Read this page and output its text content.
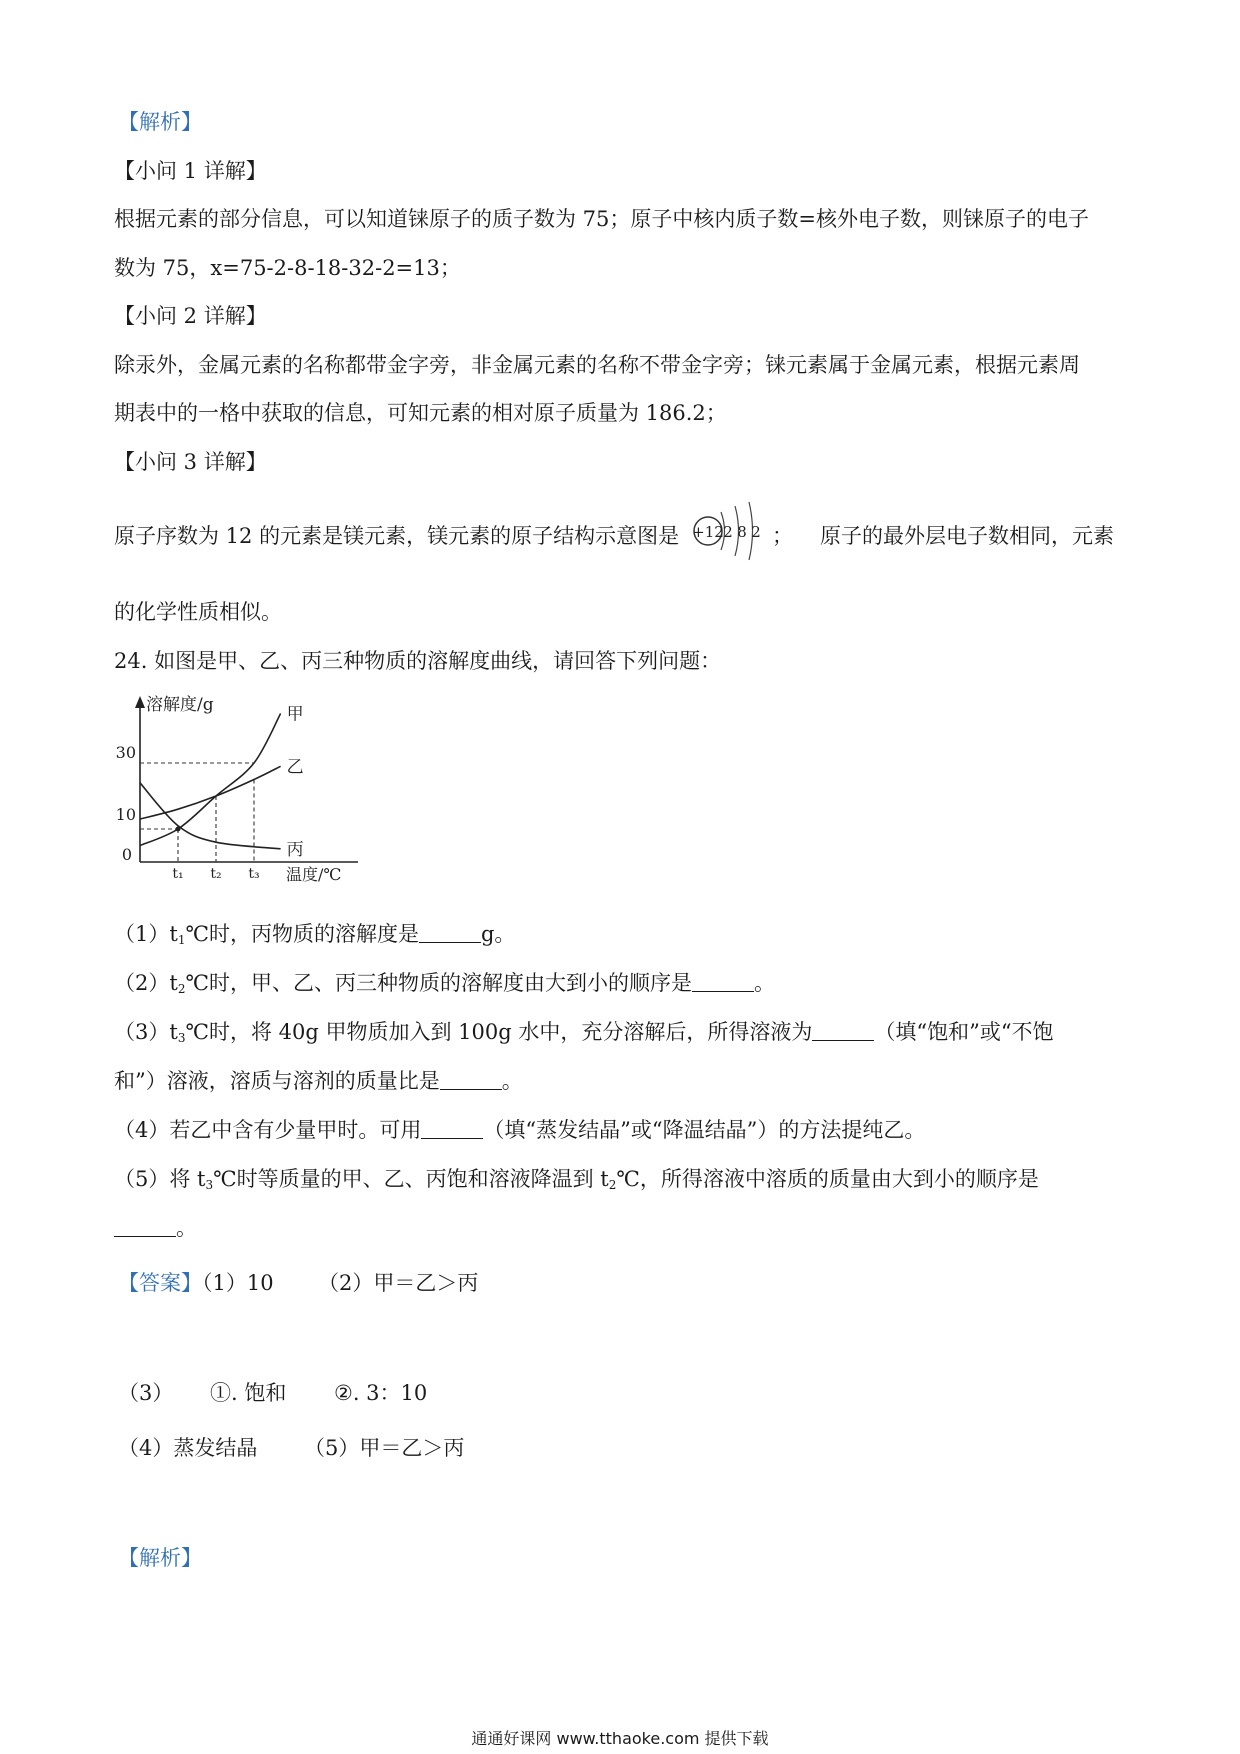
【解析】
【小问 1 详解】
根据元素的部分信息，可以知道铼原子的质子数为 75；原子中核内质子数=核外电子数，则铼原子的电子
数为 75，x=75-2-8-18-32-2=13；
【小问 2 详解】
除汞外，金属元素的名称都带金字旁，非金属元素的名称不带金字旁；铼元素属于金属元素，根据元素周
期表中的一格中获取的信息，可知元素的相对原子质量为 186.2；
【小问 3 详解】
原子序数为 12 的元素是镁元素，镁元素的原子结构示意图是 +12 2 8 2 ； 原子的最外层电子数相同，元素
的化学性质相似。
24. 如图是甲、乙、丙三种物质的溶解度曲线，请回答下列问题：
溶解度/g
温度/℃
30
10
0
t₁ t₂ t₃
甲
乙
丙
$(1)t_1℃$时，丙物质的溶解度是	g。
$(2)t_2℃$时，甲、乙、丙三种物质的溶解度由大到小的顺序是	。
$(3)t_3℃$时，将 40g 甲物质加入到 100g 水中，充分溶解后，所得溶液为	（填“饱和”或“不饱
和”）溶液，溶质与溶剂的质量比是	。
（4）若乙中含有少量甲时。可用	（填“蒸发结晶”或“降温结晶”）的方法提纯乙。
（5）将 $t_3℃$时等质量的甲、乙、丙饱和溶液降温到 $t_2℃$，所得溶液中溶质的质量由大到小的顺序是
。
【答案】（1）10 （2）甲＝乙＞丙
（3） ①. 饱和 ②. 3：10
（4）蒸发结晶 （5）甲＝乙＞丙
【解析】
通通好课网 www.tthaoke.com 提供下载
